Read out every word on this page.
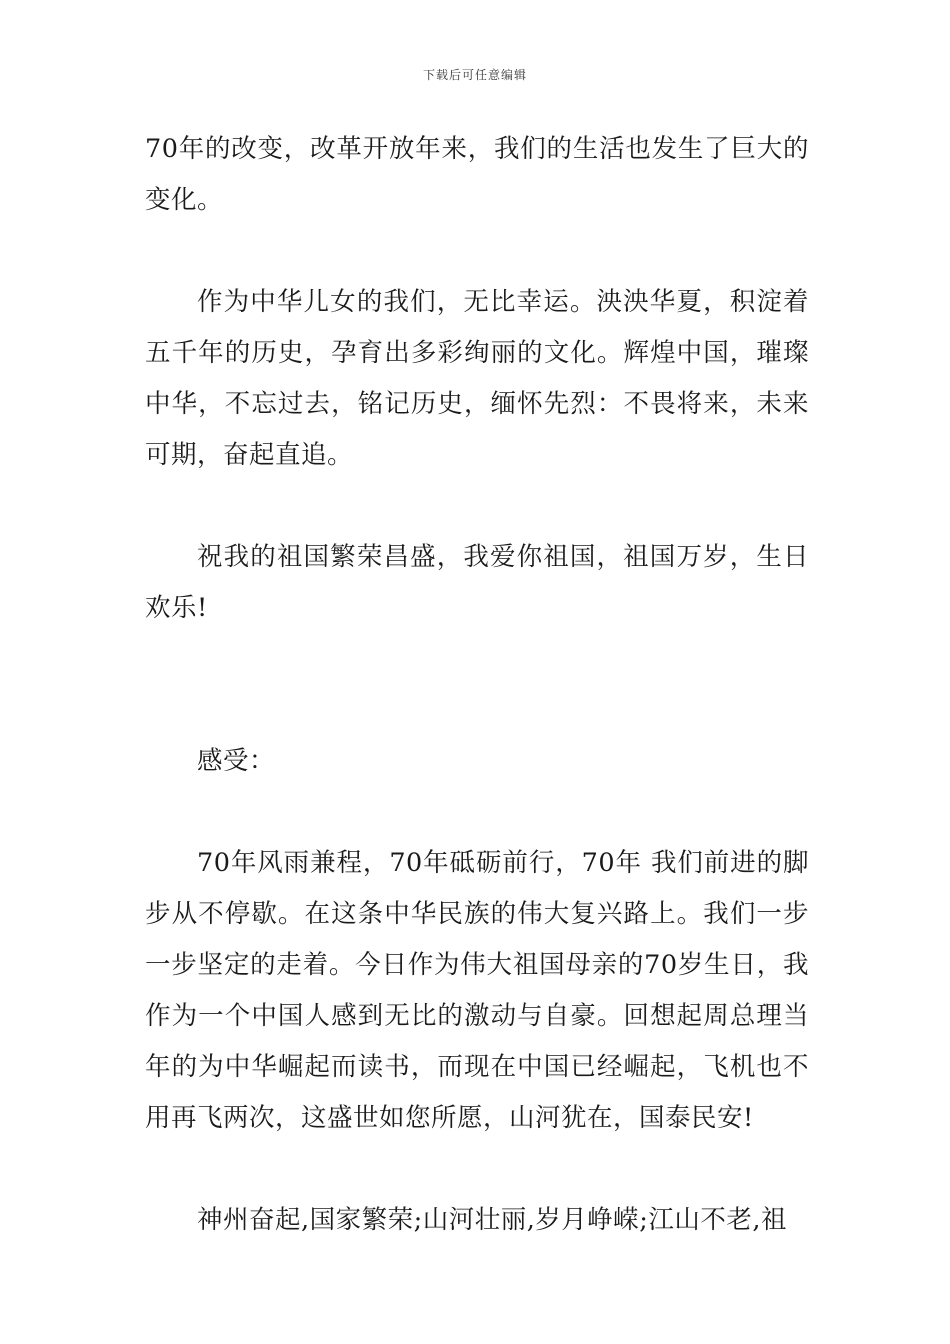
下载后可任意编辑

70年的改变，改革开放年来，我们的生活也发生了巨大的变化。

作为中华儿女的我们，无比幸运。泱泱华夏，积淀着五千年的历史，孕育出多彩绚丽的文化。辉煌中国，璀璨中华，不忘过去，铭记历史，缅怀先烈：不畏将来，未来可期，奋起直追。

祝我的祖国繁荣昌盛，我爱你祖国，祖国万岁，生日欢乐!

感受：

70年风雨兼程，70年砥砺前行，70年 我们前进的脚步从不停歇。在这条中华民族的伟大复兴路上。我们一步一步坚定的走着。今日作为伟大祖国母亲的70岁生日，我作为一个中国人感到无比的激动与自豪。回想起周总理当年的为中华崛起而读书，而现在中国已经崛起，飞机也不用再飞两次，这盛世如您所愿，山河犹在，国泰民安!

神州奋起,国家繁荣;山河壮丽,岁月峥嵘;江山不老,祖
